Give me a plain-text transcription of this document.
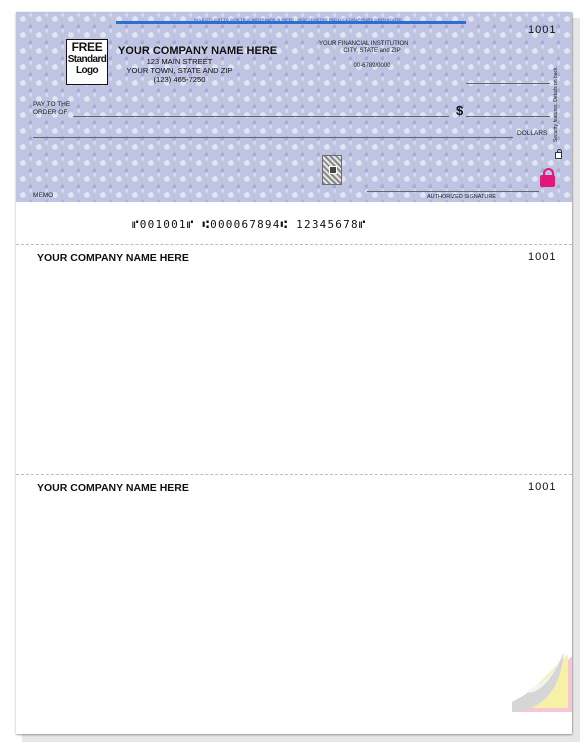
HOLD CT LIGHT TO VIEW TRUE WATERMARK IN PAPER · HEAT SENSITIVE RED LOCK DISAPPEARS WHEN HEATED
FREE
Standard
Logo
YOUR COMPANY NAME HERE
123 MAIN STREET
YOUR TOWN, STATE AND ZIP
(123) 465-7250
YOUR FINANCIAL INSTITUTION
CITY, STATE and ZIP
00-6789/0000
1001
PAY TO THE
ORDER OF	$
DOLLARS Security features. Details on back.
AUTHORIZED SIGNATURE
MEMO
⑈001001⑈ ⑆000067894⑆ 12345678⑈
YOUR COMPANY NAME HERE	1001
YOUR COMPANY NAME HERE	1001
